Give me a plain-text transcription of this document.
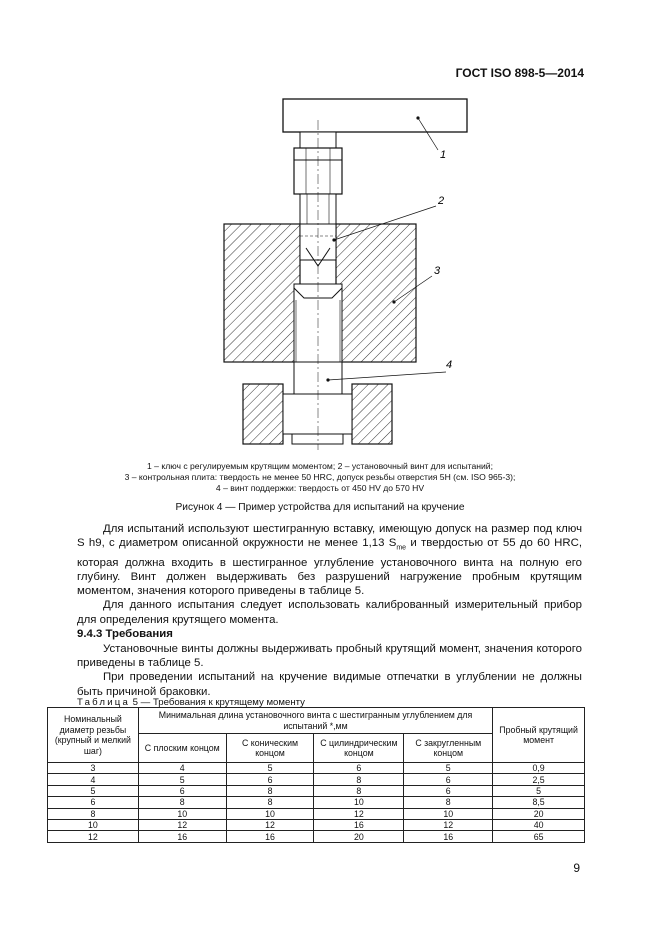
ГОСТ ISO 898-5—2014
1
2
3
4
1 – ключ с регулируемым крутящим моментом; 2 – установочный винт для испытаний;
3 – контрольная плита: твердость не менее 50 HRC, допуск резьбы отверстия 5H (см. ISO 965-3);
4 – винт поддержки: твердость от 450 HV до 570 HV
Рисунок 4 — Пример устройства для испытаний на кручение

Для испытаний используют шестигранную вставку, имеющую допуск на размер под ключ S h9, с диаметром описанной окружности не менее 1,13 $S_{mе}$ и твердостью от 55 до 60 HRC, которая должна входить в шестигранное углубление установочного винта на полную его глубину. Винт должен выдерживать без разрушений нагружение пробным крутящим моментом, значения которого приведены в таблице 5.

Для данного испытания следует использовать калиброванный измерительный прибор для определения крутящего момента.

9.4.3 Требования

Установочные винты должны выдерживать пробный крутящий момент, значения которого приведены в таблице 5.

При проведении испытаний на кручение видимые отпечатки в углублении не должны быть причиной браковки.

Таблица 5 — Требования к крутящему моменту
Номинальный диаметр резьбы (крупный и мелкий шаг)	Минимальная длина установочного винта с шестигранным углублением для испытаний *,мм				Пробный крутящий момент
	С плоским концом	С коническим концом	С цилиндрическим концом	С закругленным концом	
3	4	5	6	5	0,9
4	5	6	8	6	2,5
5	6	8	8	6	5
6	8	8	10	8	8,5
8	10	10	12	10	20
10	12	12	16	12	40
12	16	16	20	16	65
9
